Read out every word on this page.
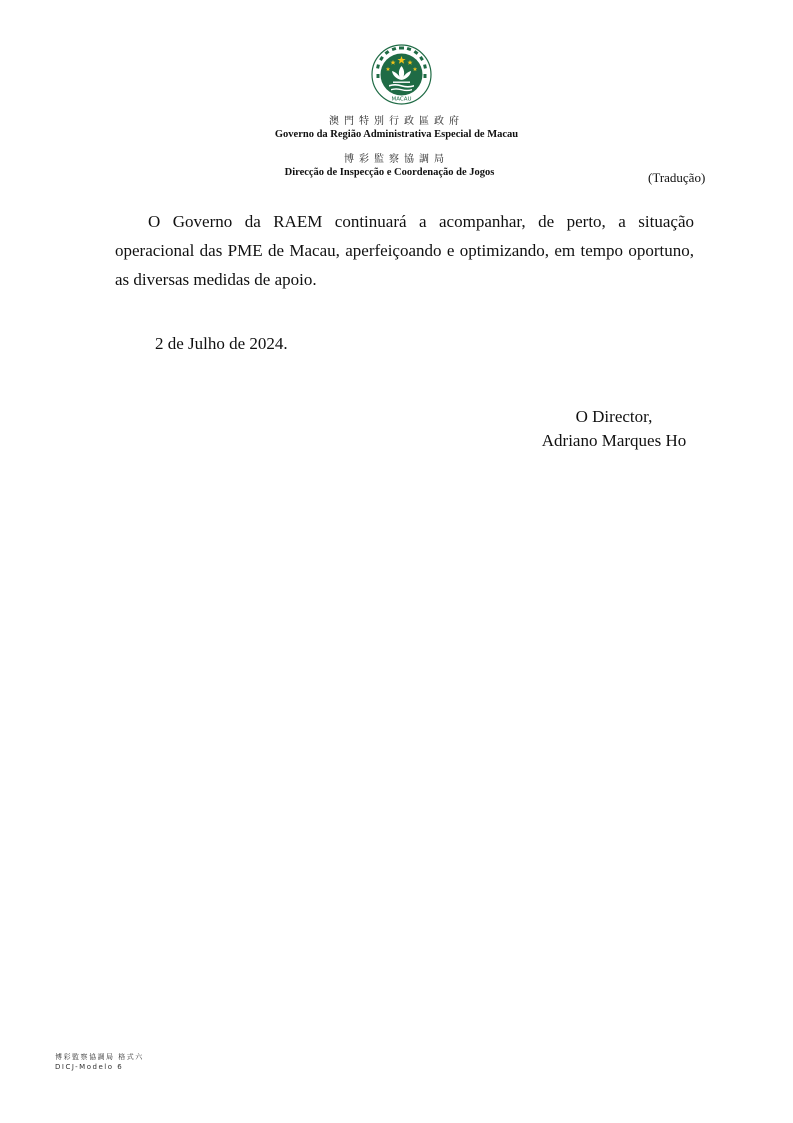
MACAU
澳門特別行政區政府
Governo da Região Administrativa Especial de Macau
博彩監察協調局
Direcção de Inspecção e Coordenação de Jogos	(Tradução)

O Governo da RAEM continuará a acompanhar, de perto, a situação operacional das PME de Macau, aperfeiçoando e optimizando, em tempo oportuno, as diversas medidas de apoio.

2 de Julho de 2024.
O Director,
Adriano Marques Ho
博彩監察協調局 格式六
DICJ-Modelo 6
